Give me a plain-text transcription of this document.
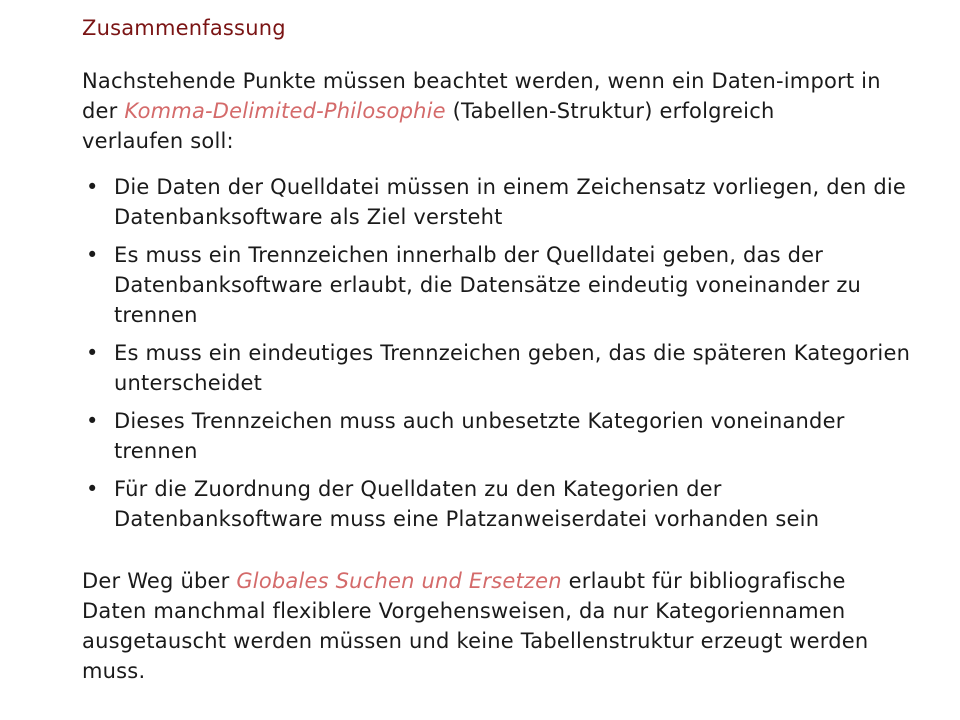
Zusammenfassung
Nachstehende Punkte müssen beachtet werden, wenn ein Daten-import in der Komma-Delimited-Philosophie (Tabellen-Struktur) erfolgreich verlaufen soll:
• Die Daten der Quelldatei müssen in einem Zeichensatz vorliegen, den die Datenbanksoftware als Ziel versteht
• Es muss ein Trennzeichen innerhalb der Quelldatei geben, das der Datenbanksoftware erlaubt, die Datensätze eindeutig voneinander zu trennen
• Es muss ein eindeutiges Trennzeichen geben, das die späteren Kategorien unterscheidet
• Dieses Trennzeichen muss auch unbesetzte Kategorien voneinander trennen
• Für die Zuordnung der Quelldaten zu den Kategorien der Datenbanksoftware muss eine Platzanweiserdatei vorhanden sein
Der Weg über Globales Suchen und Ersetzen erlaubt für bibliografische Daten manchmal flexiblere Vorgehensweisen, da nur Kategoriennamen ausgetauscht werden müssen und keine Tabellenstruktur erzeugt werden muss.
